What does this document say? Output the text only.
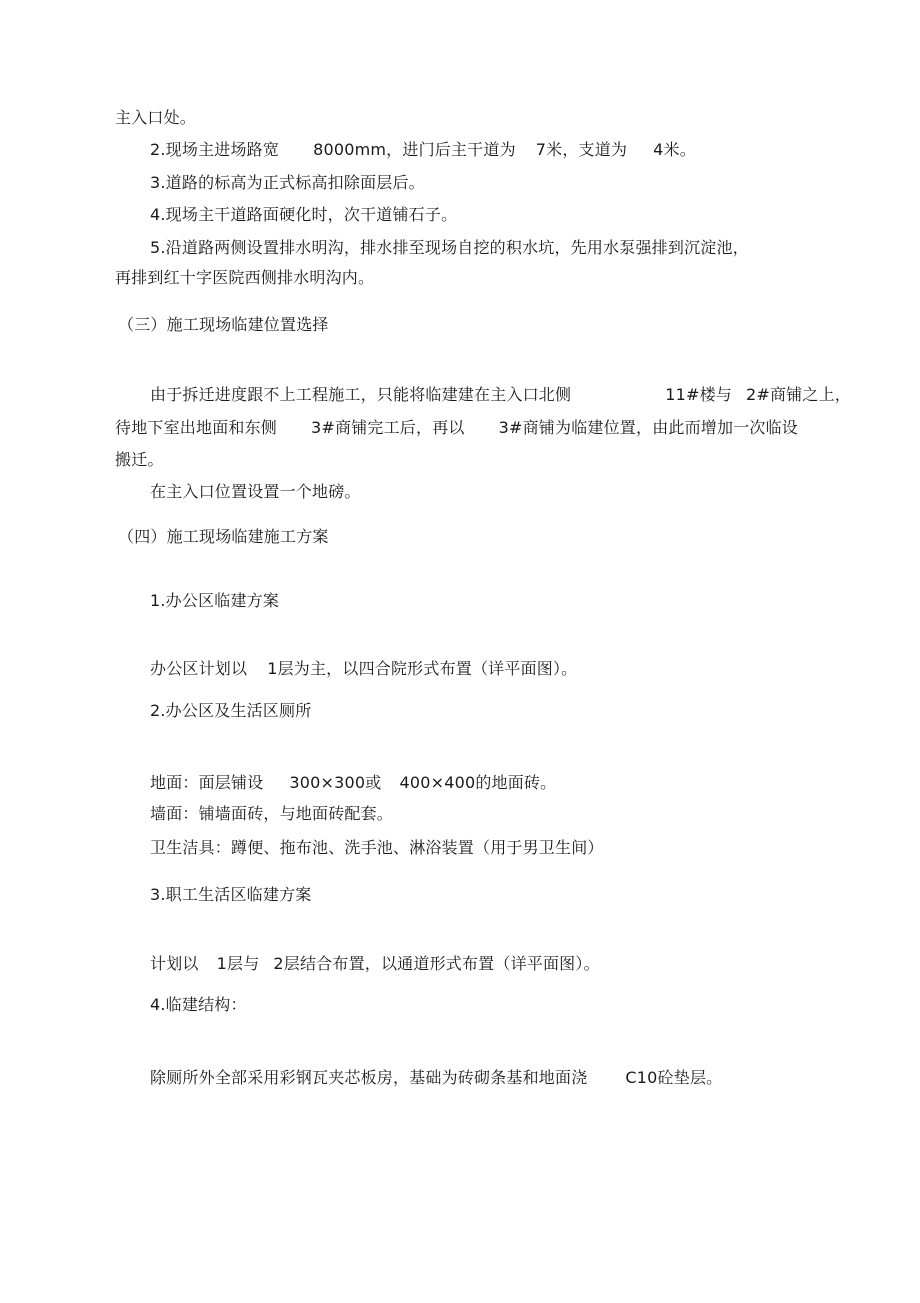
主入口处。
2.现场主进场路宽 8000mm，进门后主干道为 7米，支道为 4米。
3.道路的标高为正式标高扣除面层后。
4.现场主干道路面硬化时，次干道铺石子。
5.沿道路两侧设置排水明沟，排水排至现场自挖的积水坑，先用水泵强排到沉淀池，
再排到红十字医院西侧排水明沟内。
（三）施工现场临建位置选择
由于拆迁进度跟不上工程施工，只能将临建建在主入口北侧	11#楼与 2#商铺之上，
待地下室出地面和东侧 3#商铺完工后，再以 3#商铺为临建位置，由此而增加一次临设
搬迁。
在主入口位置设置一个地磅。
（四）施工现场临建施工方案
1.办公区临建方案
办公区计划以 1层为主，以四合院形式布置（详平面图）。
2.办公区及生活区厕所
地面：面层铺设 300×300或 400×400的地面砖。
墙面：铺墙面砖，与地面砖配套。
卫生洁具：蹲便、拖布池、洗手池、淋浴装置（用于男卫生间）
3.职工生活区临建方案
计划以 1层与 2层结合布置，以通道形式布置（详平面图）。
4.临建结构：
除厕所外全部采用彩钢瓦夹芯板房，基础为砖砌条基和地面浇 C10砼垫层。
